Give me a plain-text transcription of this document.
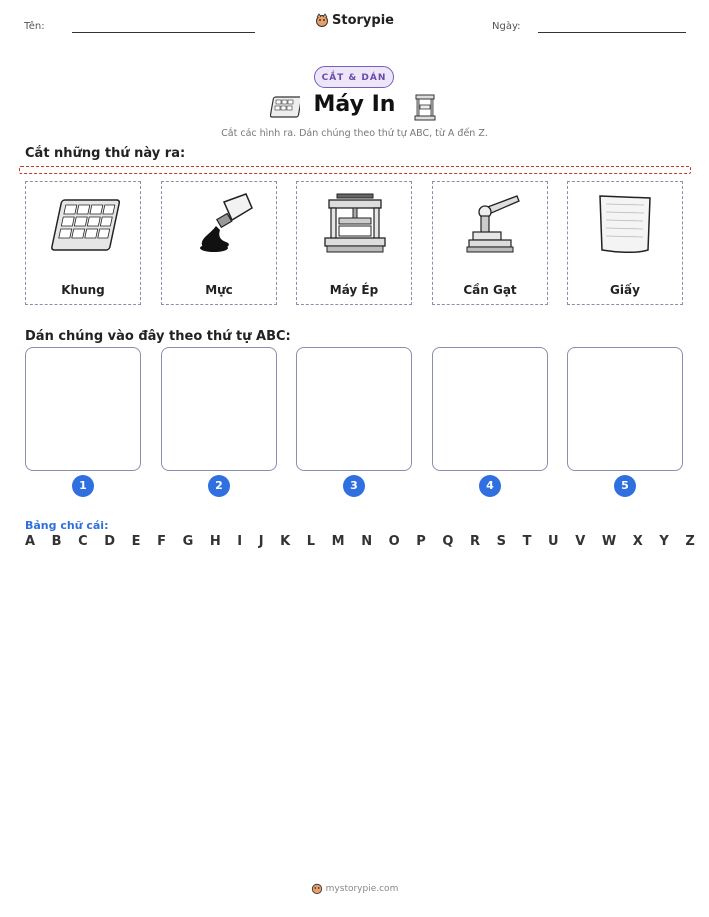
Tên:	Storypie	Ngày:
CẮT & DÁN
Máy In
Cắt các hình ra. Dán chúng theo thứ tự ABC, từ A đến Z.
Cắt những thứ này ra:
Khung	Mực	Máy Ép	Cần Gạt	Giấy
Dán chúng vào đây theo thứ tự ABC:
1	2	3	4	5
Bảng chữ cái:
A B C D E F G H I J K L M N O P Q R S T U V W X Y Z
mystorypie.com
